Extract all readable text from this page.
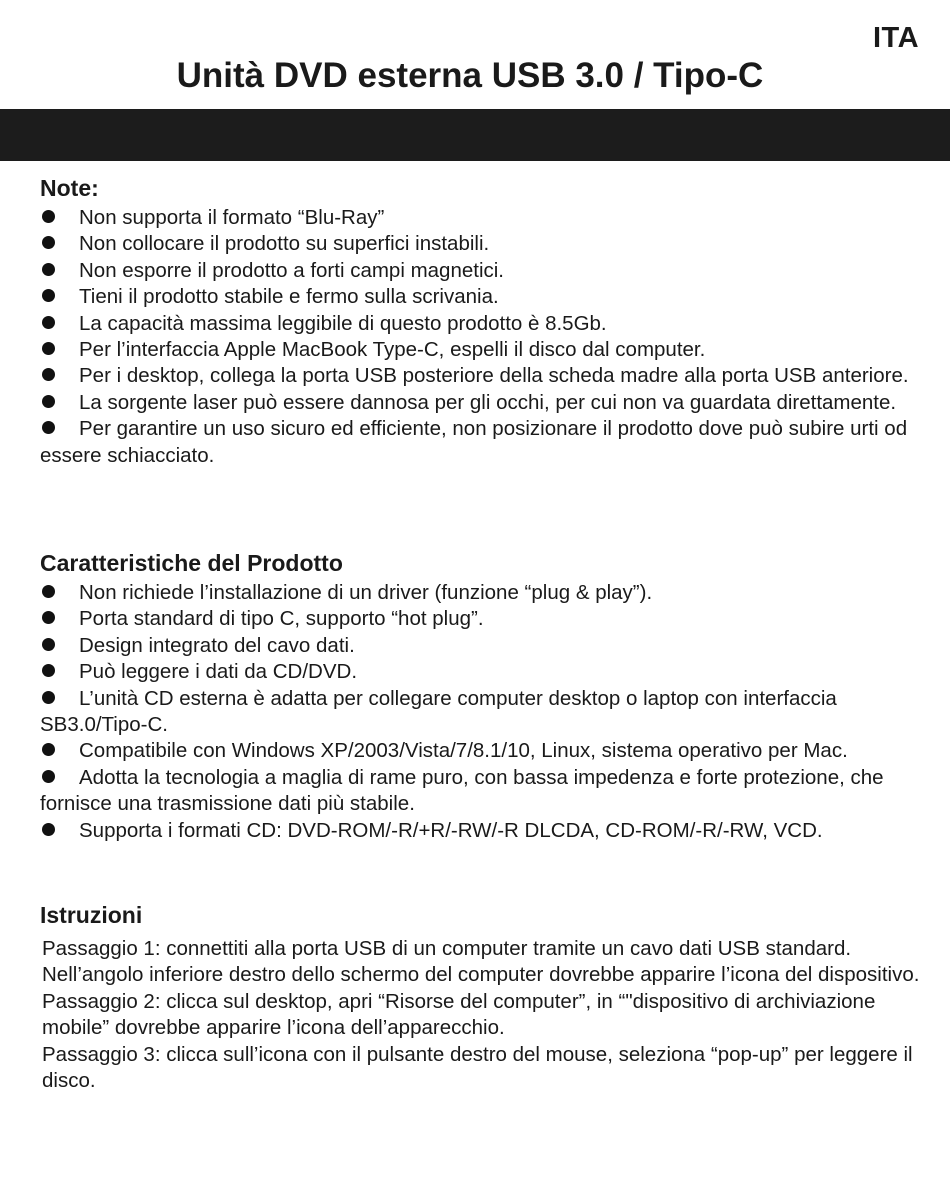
ITA
Unità DVD esterna USB 3.0 / Tipo-C
Note:
Non supporta il formato “Blu-Ray”
Non collocare il prodotto su superfici instabili.
Non esporre il prodotto a forti campi magnetici.
Tieni il prodotto stabile e fermo sulla scrivania.
La capacità massima leggibile di questo prodotto è 8.5Gb.
Per l’interfaccia Apple MacBook Type-C, espelli il disco dal computer.
Per i desktop, collega la porta USB posteriore della scheda madre alla porta USB anteriore.
La sorgente laser può essere dannosa per gli occhi, per cui non va guardata direttamente.
Per garantire un uso sicuro ed efficiente, non posizionare il prodotto dove può subire urti od essere schiacciato.
Caratteristiche del Prodotto
Non richiede l’installazione di un driver (funzione “plug & play”).
Porta standard di tipo C, supporto “hot plug”.
Design integrato del cavo dati.
Può leggere i dati da CD/DVD.
L’unità CD esterna è adatta per collegare computer desktop o laptop con interfaccia SB3.0/Tipo-C.
Compatibile con Windows XP/2003/Vista/7/8.1/10, Linux, sistema operativo per Mac.
Adotta la tecnologia a maglia di rame puro, con bassa impedenza e forte protezione, che fornisce una trasmissione dati più stabile.
Supporta i formati CD: DVD-ROM/-R/+R/-RW/-R DLCDA, CD-ROM/-R/-RW, VCD.
Istruzioni

Passaggio 1: connettiti alla porta USB di un computer tramite un cavo dati USB standard. Nell’angolo inferiore destro dello schermo del computer dovrebbe apparire l’icona del dispositivo.

Passaggio 2: clicca sul desktop, apri “Risorse del computer”, in “"dispositivo di archiviazione mobile” dovrebbe apparire l’icona dell’apparecchio.

Passaggio 3: clicca sull’icona con il pulsante destro del mouse, seleziona “pop-up” per leggere il disco.
